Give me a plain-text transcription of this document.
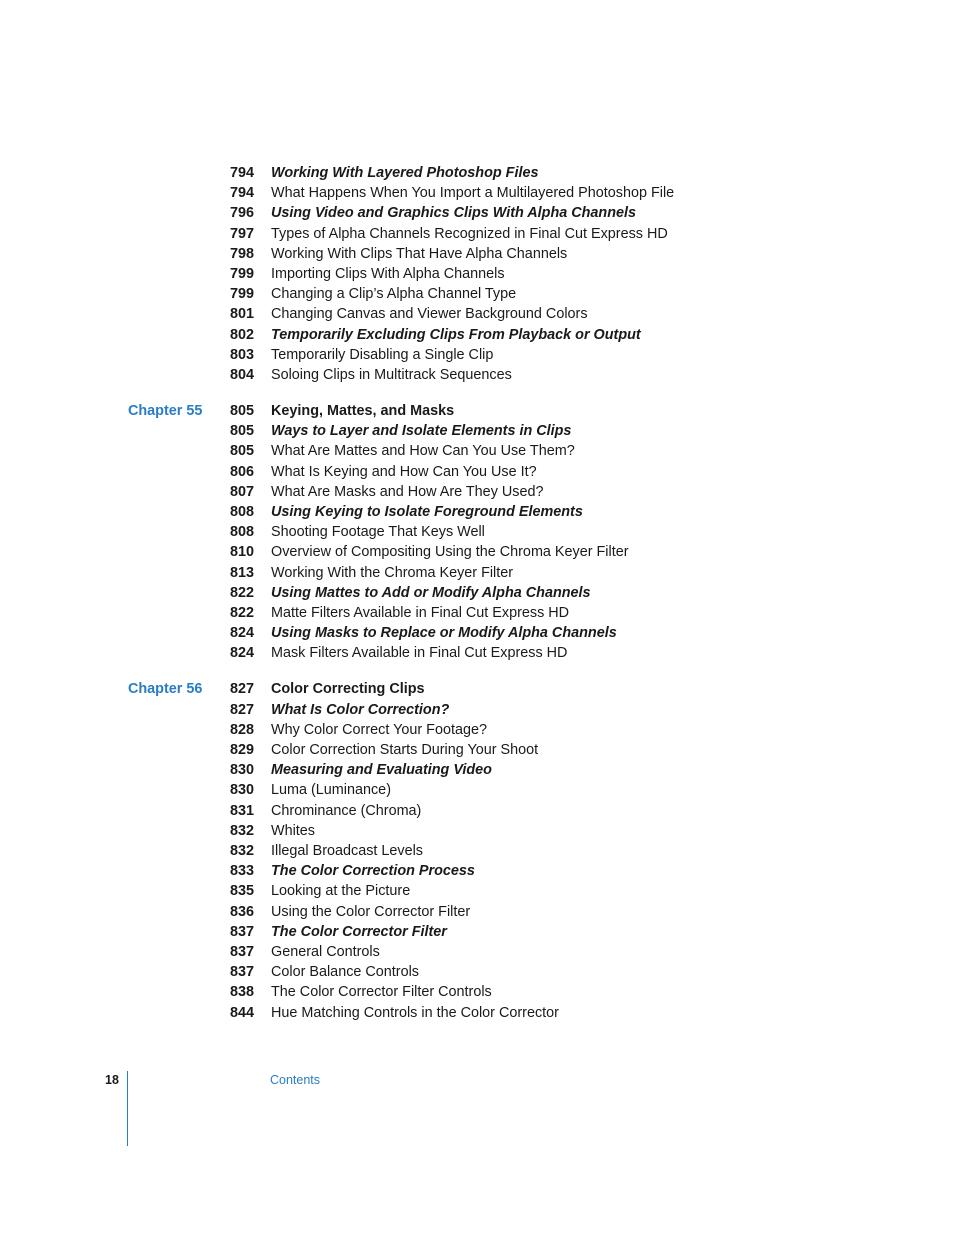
794 Working With Layered Photoshop Files
794 What Happens When You Import a Multilayered Photoshop File
796 Using Video and Graphics Clips With Alpha Channels
797 Types of Alpha Channels Recognized in Final Cut Express HD
798 Working With Clips That Have Alpha Channels
799 Importing Clips With Alpha Channels
799 Changing a Clip’s Alpha Channel Type
801 Changing Canvas and Viewer Background Colors
802 Temporarily Excluding Clips From Playback or Output
803 Temporarily Disabling a Single Clip
804 Soloing Clips in Multitrack Sequences
Chapter 55	805 Keying, Mattes, and Masks
805 Ways to Layer and Isolate Elements in Clips
805 What Are Mattes and How Can You Use Them?
806 What Is Keying and How Can You Use It?
807 What Are Masks and How Are They Used?
808 Using Keying to Isolate Foreground Elements
808 Shooting Footage That Keys Well
810 Overview of Compositing Using the Chroma Keyer Filter
813 Working With the Chroma Keyer Filter
822 Using Mattes to Add or Modify Alpha Channels
822 Matte Filters Available in Final Cut Express HD
824 Using Masks to Replace or Modify Alpha Channels
824 Mask Filters Available in Final Cut Express HD
Chapter 56	827 Color Correcting Clips
827 What Is Color Correction?
828 Why Color Correct Your Footage?
829 Color Correction Starts During Your Shoot
830 Measuring and Evaluating Video
830 Luma (Luminance)
831 Chrominance (Chroma)
832 Whites
832 Illegal Broadcast Levels
833 The Color Correction Process
835 Looking at the Picture
836 Using the Color Corrector Filter
837 The Color Corrector Filter
837 General Controls
837 Color Balance Controls
838 The Color Corrector Filter Controls
844 Hue Matching Controls in the Color Corrector
18	Contents
